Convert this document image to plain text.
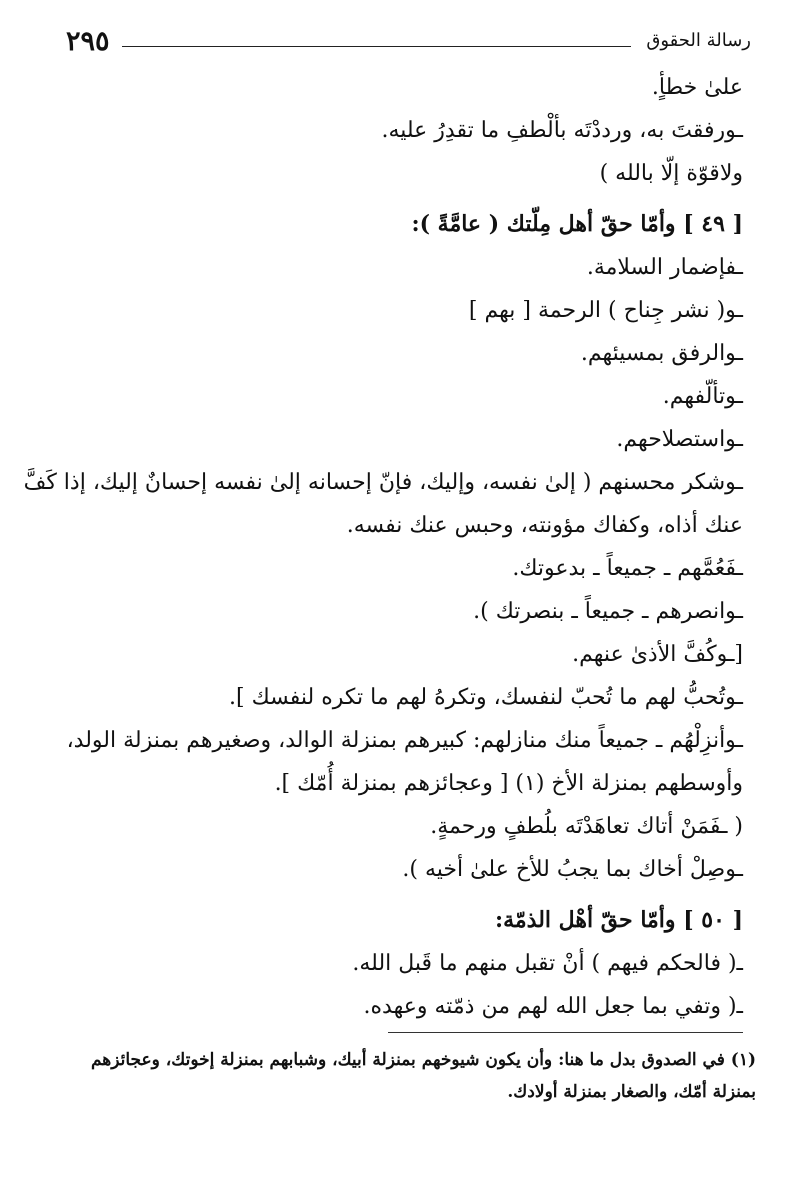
٢٩٥	رسالة الحقوق
علىٰ خطأٍ.
ـورفقتَ به، ورددْتَه بألْطفِ ما تقدِرُ عليه.
ولاقوّة إلّا بالله )
[ ٤٩ ] وأمّا حقّ أهل مِلّتك ( عامَّةً ):
ـفإضمار السلامة.
ـو( نشر جِناح ) الرحمة [ بهم ]
ـوالرفق بمسيئهم.
ـوتألّفهم.
ـواستصلاحهم.
ـوشكر محسنهم ( إلىٰ نفسه، وإليك، فإنّ إحسانه إلىٰ نفسه إحسانٌ إليك، إذا كَفَّ
عنك أذاه، وكفاك مؤونته، وحبس عنك نفسه.
ـفَعُمَّهم ـ جميعاً ـ بدعوتك.
ـوانصرهم ـ جميعاً ـ بنصرتك ).
[ـوكُفَّ الأذىٰ عنهم.
ـوتُحبُّ لهم ما تُحبّ لنفسك، وتكرهُ لهم ما تكره لنفسك ].
ـوأنزِلْهُم ـ جميعاً منك منازلهم: كبيرهم بمنزلة الوالد، وصغيرهم بمنزلة الولد،
وأوسطهم بمنزلة الأخ (١) [ وعجائزهم بمنزلة أُمّك ].
( ـفَمَنْ أتاك تعاهَدْتَه بلُطفٍ ورحمةٍ.
ـوصِلْ أخاك بما يجبُ للأخ علىٰ أخيه ).
[ ٥٠ ] وأمّا حقّ أهْل الذمّة:
ـ( فالحكم فيهم ) أنْ تقبل منهم ما قَبل الله.
ـ( وتفي بما جعل الله لهم من ذمّته وعهده.
(١) في الصدوق بدل ما هنا: وأن يكون شيوخهم بمنزلة أبيك، وشبابهم بمنزلة إخوتك، وعجائزهم
بمنزلة أمّك، والصغار بمنزلة أولادك.
